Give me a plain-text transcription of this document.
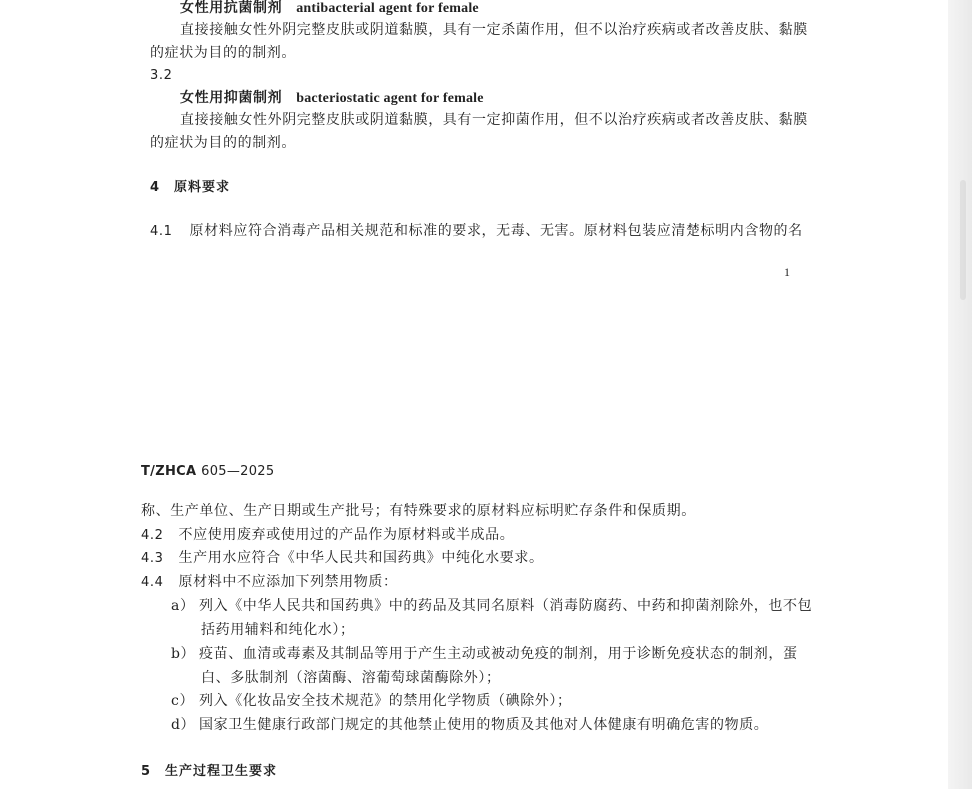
女性用抗菌制剂 antibacterial agent for female
直接接触女性外阴完整皮肤或阴道黏膜，具有一定杀菌作用，但不以治疗疾病或者改善皮肤、黏膜
的症状为目的的制剂。
3.2
女性用抑菌制剂 bacteriostatic agent for female
直接接触女性外阴完整皮肤或阴道黏膜，具有一定抑菌作用，但不以治疗疾病或者改善皮肤、黏膜
的症状为目的的制剂。
4　原料要求
4.1 原材料应符合消毒产品相关规范和标准的要求，无毒、无害。原材料包装应清楚标明内含物的名
1
T/ZHCA 605—2025
称、生产单位、生产日期或生产批号；有特殊要求的原材料应标明贮存条件和保质期。
4.2 不应使用废弃或使用过的产品作为原材料或半成品。
4.3 生产用水应符合《中华人民共和国药典》中纯化水要求。
4.4 原材料中不应添加下列禁用物质：
a） 列入《中华人民共和国药典》中的药品及其同名原料（消毒防腐药、中药和抑菌剂除外，也不包
括药用辅料和纯化水）；
b） 疫苗、血清或毒素及其制品等用于产生主动或被动免疫的制剂，用于诊断免疫状态的制剂，蛋
白、多肽制剂（溶菌酶、溶葡萄球菌酶除外）；
c） 列入《化妆品安全技术规范》的禁用化学物质（碘除外）；
d） 国家卫生健康行政部门规定的其他禁止使用的物质及其他对人体健康有明确危害的物质。
5　生产过程卫生要求
